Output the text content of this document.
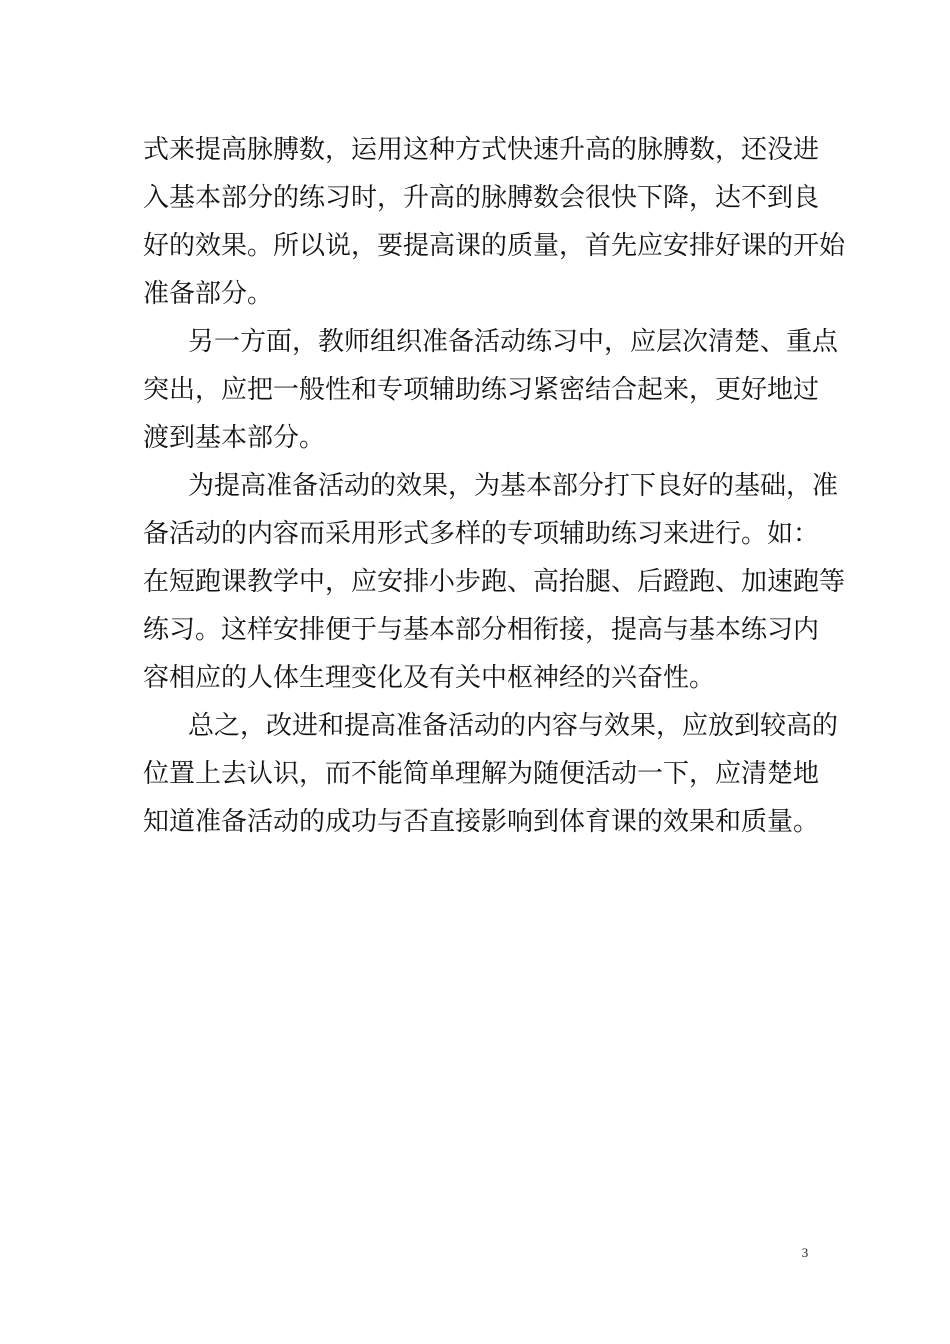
式来提高脉膊数，运用这种方式快速升高的脉膊数，还没进
入基本部分的练习时，升高的脉膊数会很快下降，达不到良
好的效果。所以说，要提高课的质量，首先应安排好课的开始
准备部分。
另一方面，教师组织准备活动练习中，应层次清楚、重点
突出，应把一般性和专项辅助练习紧密结合起来，更好地过
渡到基本部分。
为提高准备活动的效果，为基本部分打下良好的基础，准
备活动的内容而采用形式多样的专项辅助练习来进行。如：
在短跑课教学中，应安排小步跑、高抬腿、后蹬跑、加速跑等
练习。这样安排便于与基本部分相衔接，提高与基本练习内
容相应的人体生理变化及有关中枢神经的兴奋性。
总之，改进和提高准备活动的内容与效果，应放到较高的
位置上去认识，而不能简单理解为随便活动一下，应清楚地
知道准备活动的成功与否直接影响到体育课的效果和质量。
3
